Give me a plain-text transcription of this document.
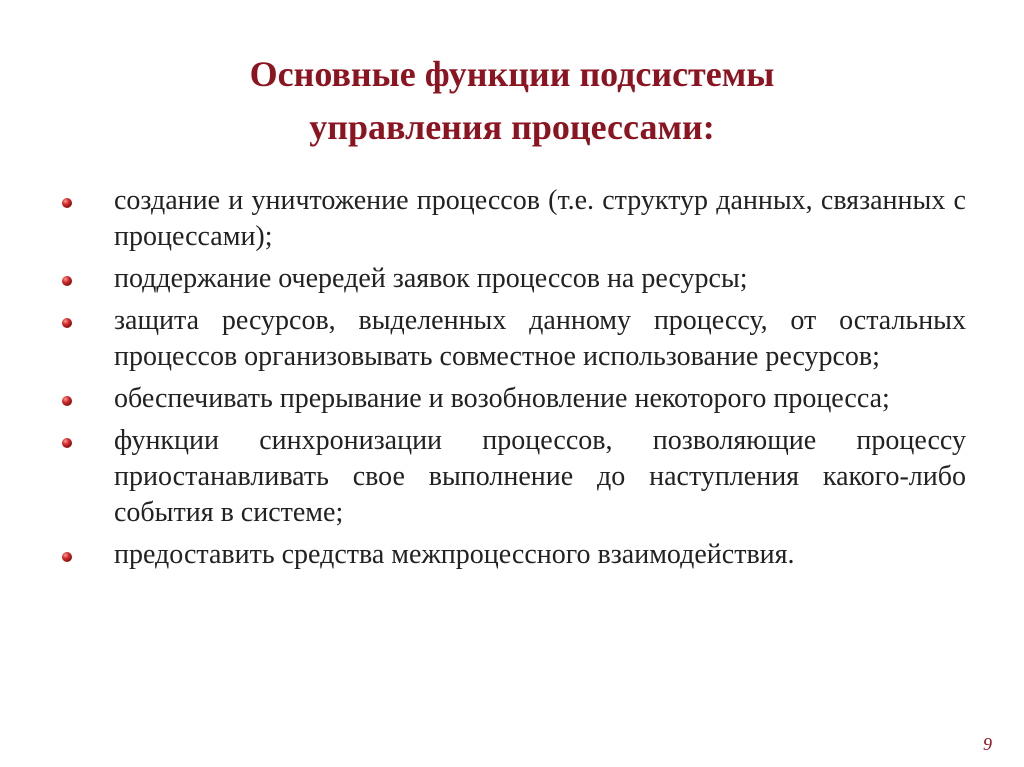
Основные функции подсистемы
управления процессами:
создание и уничтожение процессов (т.е. структур данных, связанных с процессами);
поддержание очередей заявок процессов на ресурсы;
защита ресурсов, выделенных данному процессу, от остальных процессов организовывать совместное использование ресурсов;
обеспечивать прерывание и возобновление некоторого процесса;
функции синхронизации процессов, позволяющие процессу приостанавливать свое выполнение до наступления какого-либо события в системе;
предоставить средства межпроцессного взаимодействия.
9
